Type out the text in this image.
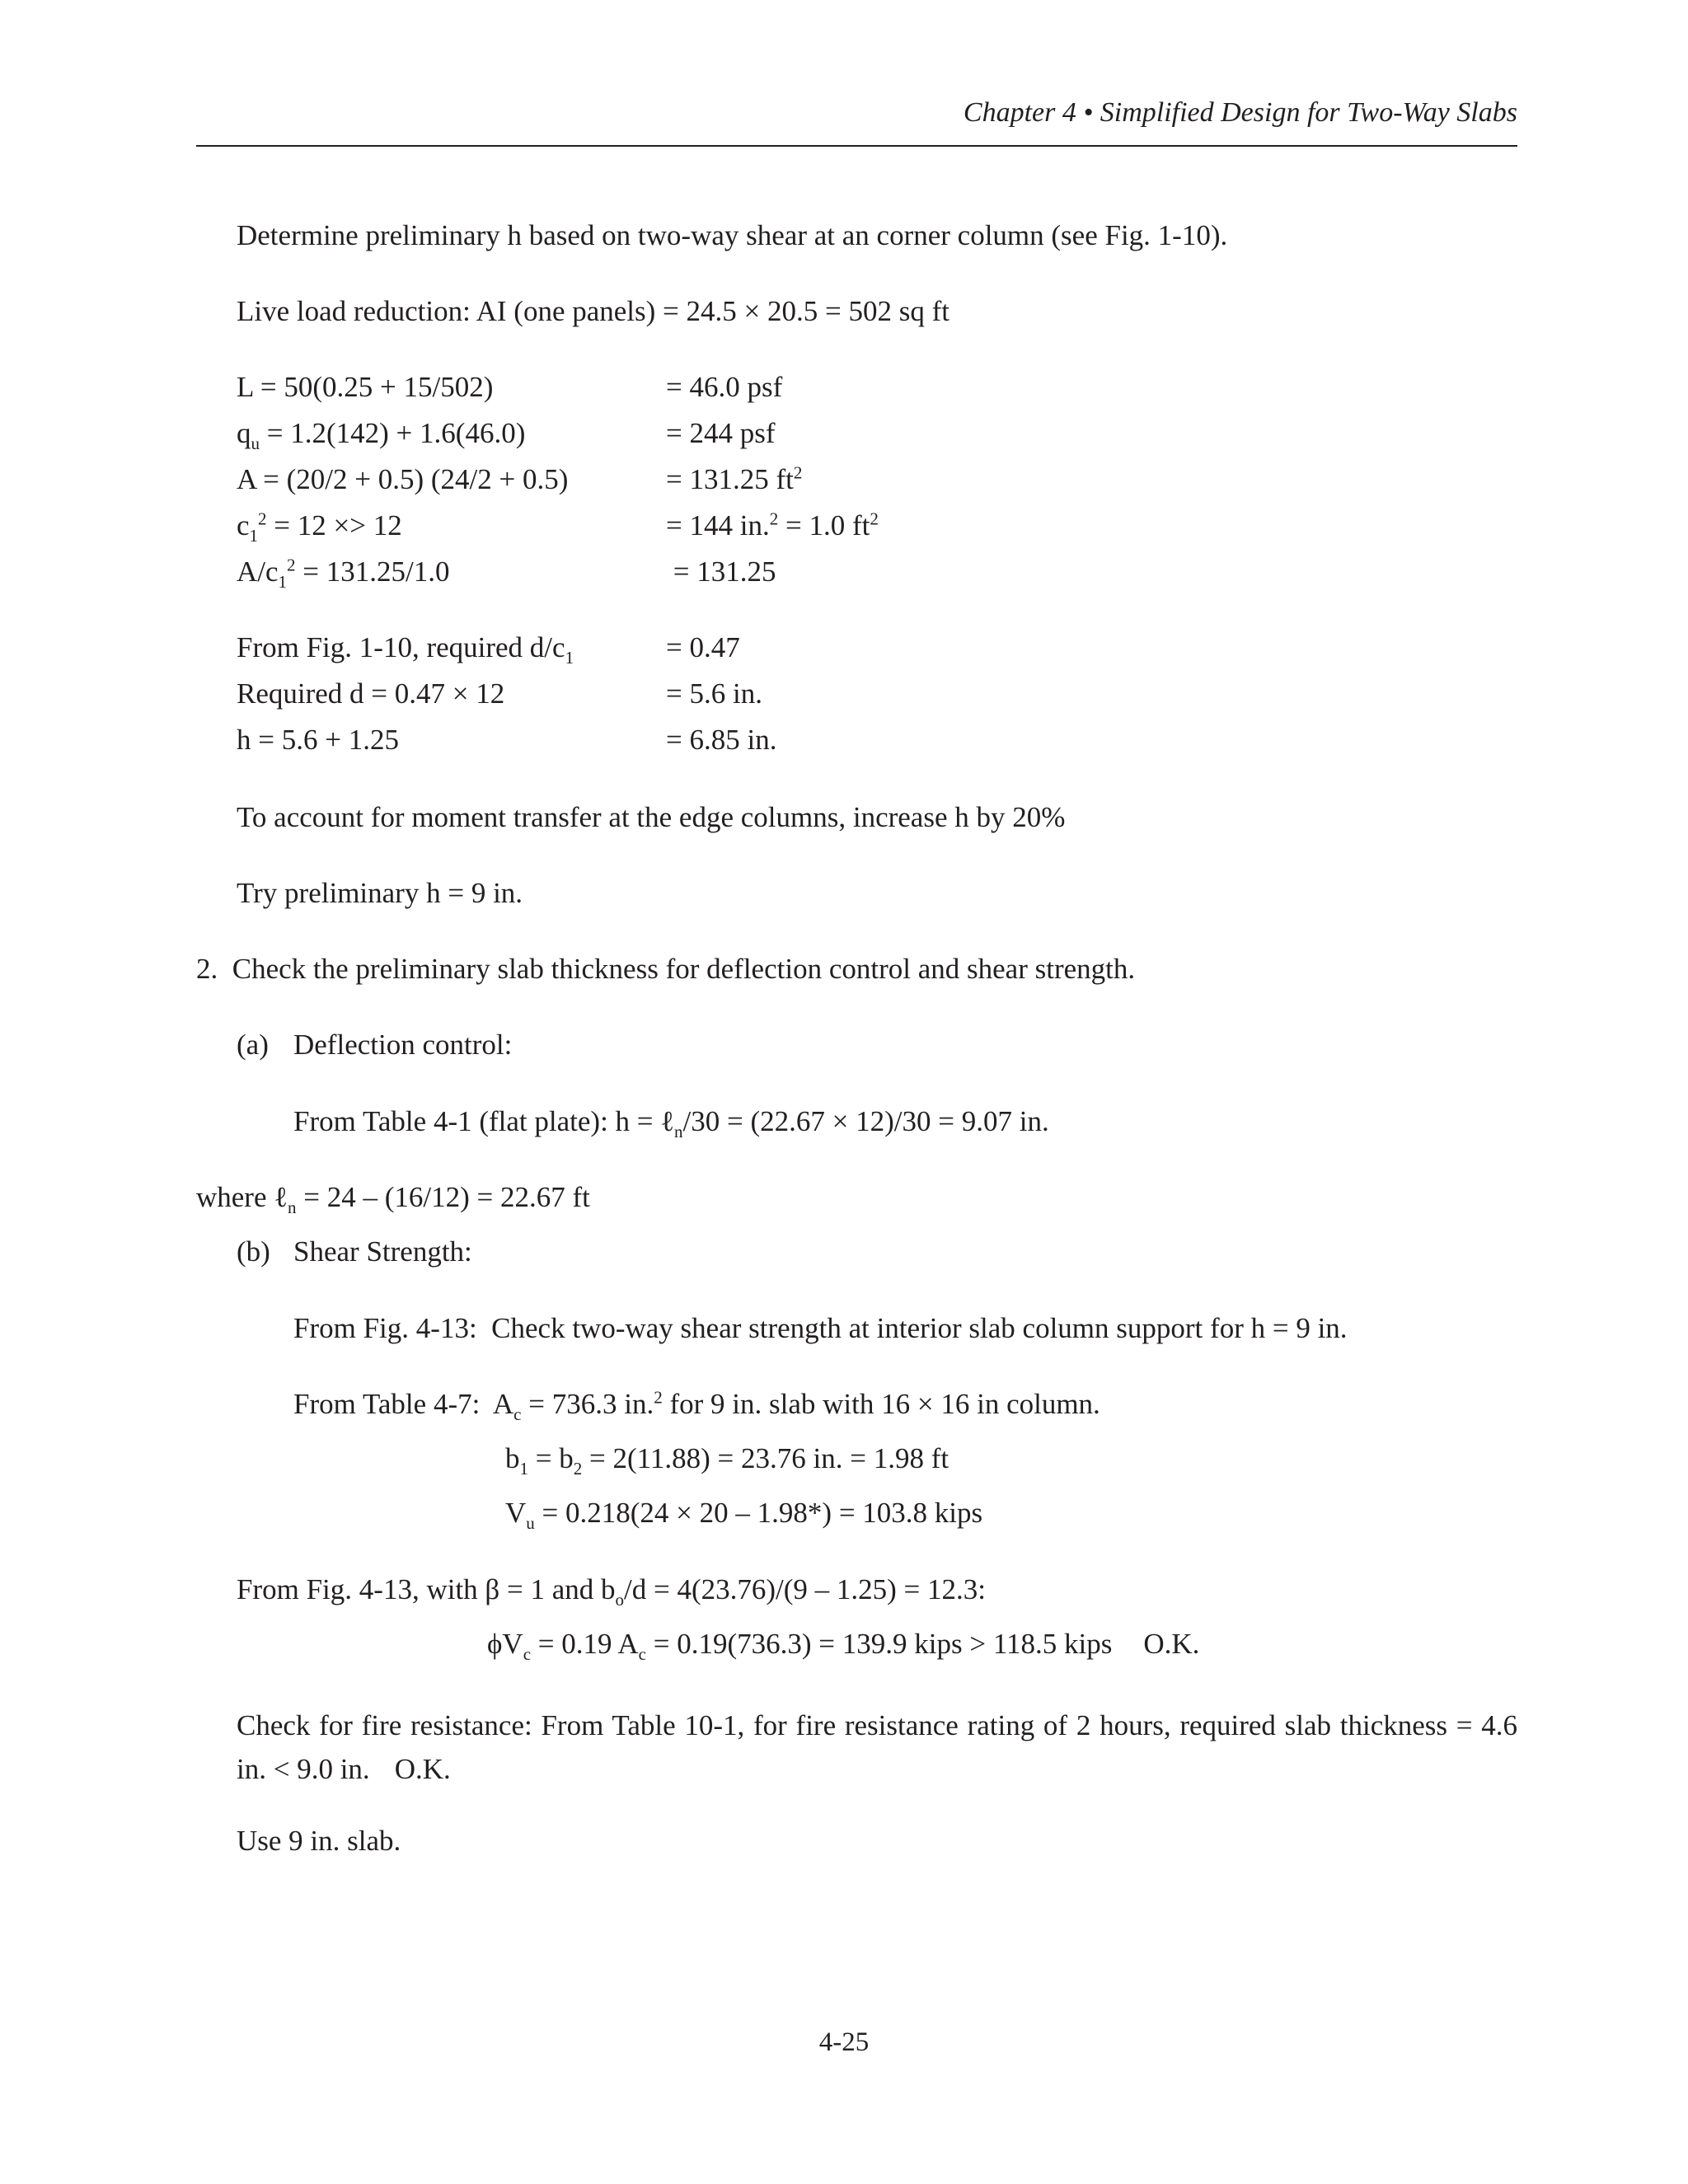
Chapter 4 • Simplified Design for Two-Way Slabs
Determine preliminary h based on two-way shear at an corner column (see Fig. 1-10).
Live load reduction: AI (one panels) = 24.5 × 20.5 = 502 sq ft
L = 50(0.25 + 15/502)	= 46.0 psf
$q_u = 1.2(142) + 1.6(46.0)$	= 244 psf
A = (20/2 + 0.5) (24/2 + 0.5)	= 131.25 $ft^2$
$c_1^2 = 12 \times> 12$	= 144 in.$^2$ = 1.0 $ft^2$
$A/c_1^2 = 131.25/1.0$	= 131.25
From Fig. 1-10, required $d/c_1$	= 0.47
Required d = 0.47 × 12	= 5.6 in.
h = 5.6 + 1.25	= 6.85 in.
To account for moment transfer at the edge columns, increase h by 20%
Try preliminary h = 9 in.
2.  Check the preliminary slab thickness for deflection control and shear strength.
(a) Deflection control:
From Table 4-1 (flat plate): h = ℓ$_n$/30 = (22.67 × 12)/30 = 9.07 in.
where ℓ$_n$ = 24 – (16/12) = 22.67 ft
(b) Shear Strength:
From Fig. 4-13:  Check two-way shear strength at interior slab column support for h = 9 in.
From Table 4-7:  $A_c = 736.3$ in.$^2$ for 9 in. slab with 16 × 16 in column.
$b_1 = b_2 = 2(11.88) = 23.76$ in. = 1.98 ft
$V_u = 0.218(24 \times 20 - 1.98*) = 103.8$ kips
From Fig. 4-13, with β = 1 and $b_o/d = 4(23.76)/(9 - 1.25) = 12.3$:
$\phi V_c = 0.19$ $A_c = 0.19(736.3) = 139.9$ kips > 118.5 kips O.K.
Check for fire resistance: From Table 10-1, for fire resistance rating of 2 hours, required slab thickness = 4.6 in. < 9.0 in. O.K.
Use 9 in. slab.
4-25
